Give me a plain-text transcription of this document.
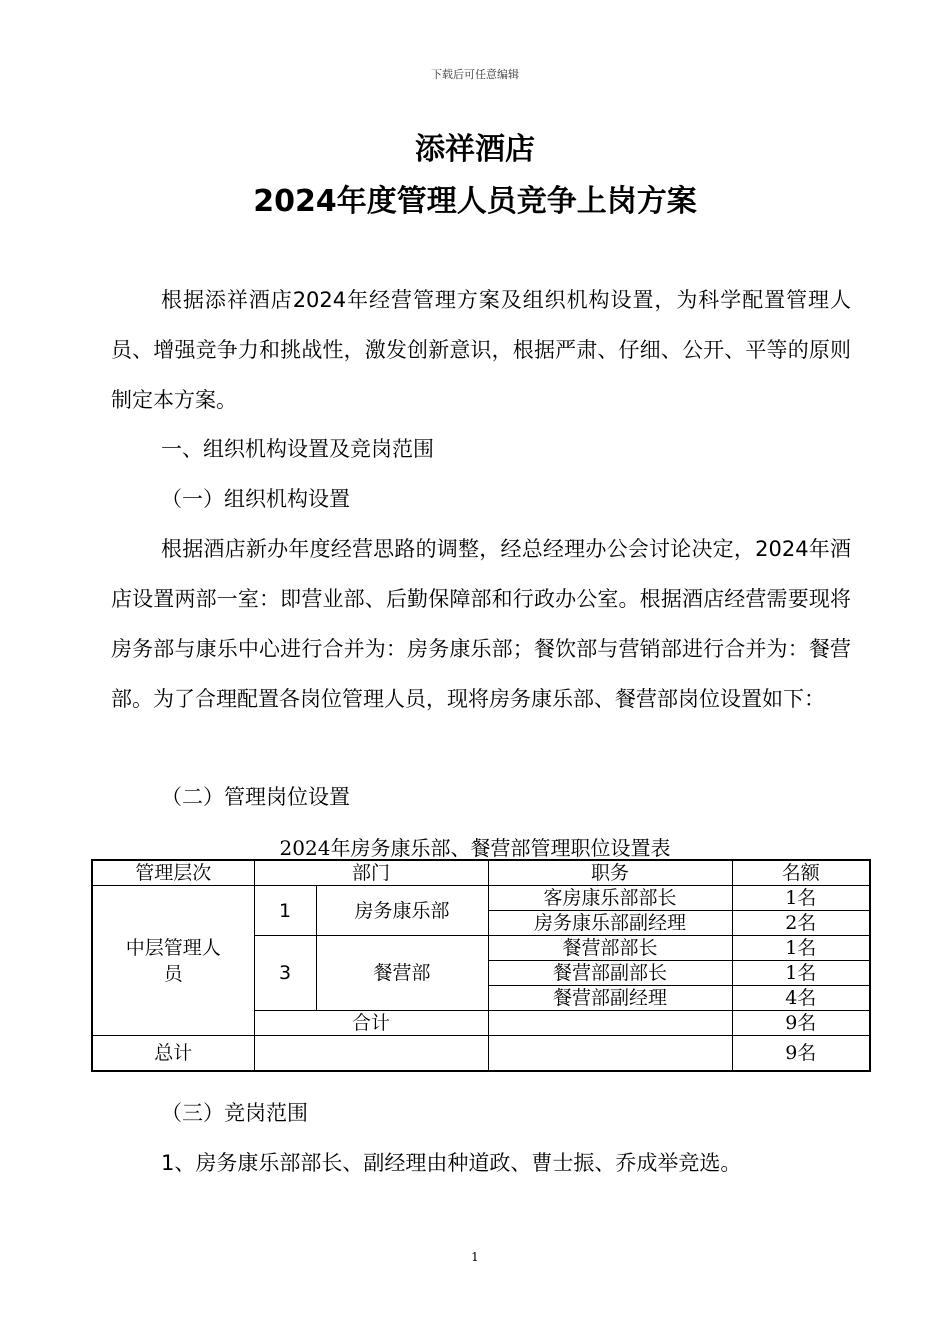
下载后可任意编辑
添祥酒店
2024年度管理人员竞争上岗方案
根据添祥酒店2024年经营管理方案及组织机构设置，为科学配置管理人员、增强竞争力和挑战性，激发创新意识，根据严肃、仔细、公开、平等的原则制定本方案。
一、组织机构设置及竞岗范围
（一）组织机构设置
根据酒店新办年度经营思路的调整，经总经理办公会讨论决定，2024年酒店设置两部一室：即营业部、后勤保障部和行政办公室。根据酒店经营需要现将房务部与康乐中心进行合并为：房务康乐部；餐饮部与营销部进行合并为：餐营部。为了合理配置各岗位管理人员，现将房务康乐部、餐营部岗位设置如下：
（二）管理岗位设置
2024年房务康乐部、餐营部管理职位设置表
管理层次	部门		职务	名额

中层管理人员	1	房务康乐部	客房康乐部部长	1名
			房务康乐部副经理	2名
	3	餐营部	餐营部部长	1名
			餐营部副部长	1名
			餐营部副经理	4名
	合计			9名
总计				9名
（三）竞岗范围
1、房务康乐部部长、副经理由种道政、曹士振、乔成举竞选。
1
